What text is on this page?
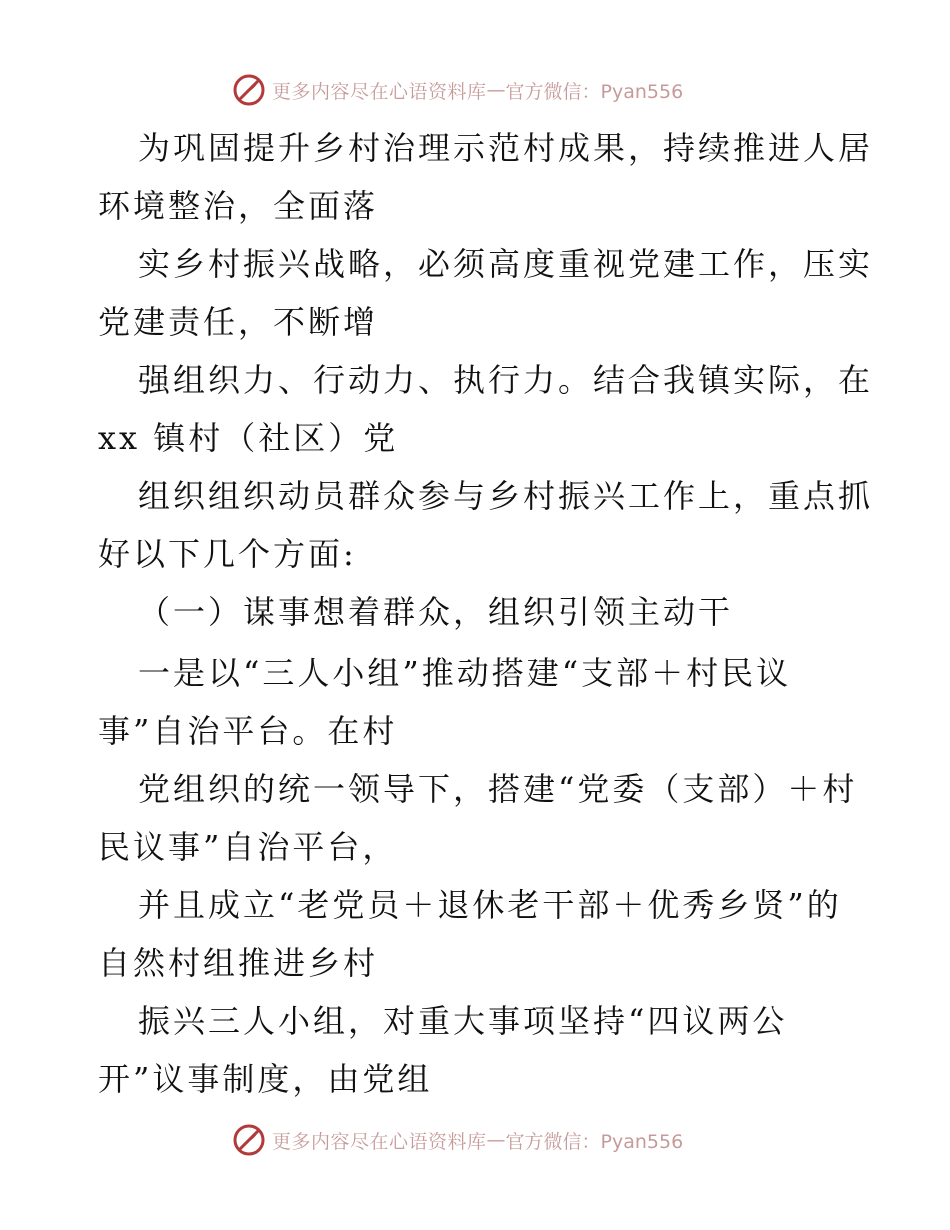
更多内容尽在心语资料库 — 官方微信：Pyan556
为巩固提升乡村治理示范村成果，持续推进人居
环境整治，全面落
实乡村振兴战略，必须高度重视党建工作，压实
党建责任，不断增
强组织力、行动力、执行力。结合我镇实际，在
xx 镇村（社区）党
组织组织动员群众参与乡村振兴工作上，重点抓
好以下几个方面:
（一）谋事想着群众，组织引领主动干
一是以“三人小组”推动搭建“支部＋村民议
事”自治平台。在村
党组织的统一领导下，搭建“党委（支部）＋村
民议事”自治平台，
并且成立“老党员＋退休老干部＋优秀乡贤”的
自然村组推进乡村
振兴三人小组，对重大事项坚持“四议两公
开”议事制度，由党组
更多内容尽在心语资料库 — 官方微信：Pyan556
